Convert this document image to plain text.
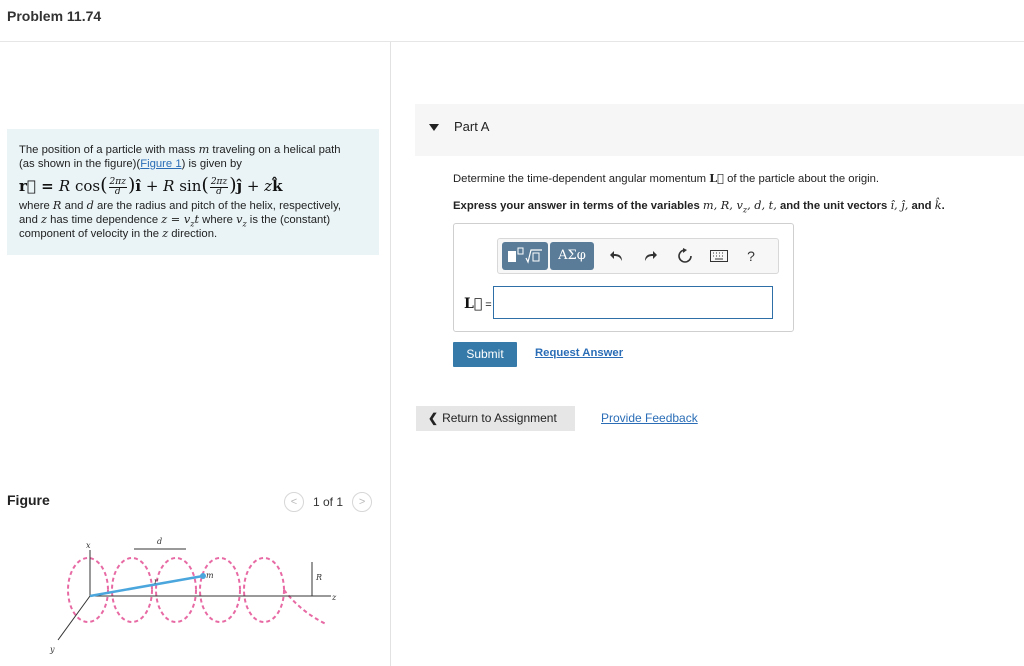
Problem 11.74
The position of a particle with mass m traveling on a helical path
(as shown in the figure)(Figure 1) is given by
r⃗ = R $\cos( \frac{2\pi z}{d}$ )î + R $\sin( \frac{2\pi z}{d}$ )ĵ + zk̂
where R and d are the radius and pitch of the helix, respectively,
and z has time dependence $z = v_zt$ where $v_z$ is the (constant)
component of velocity in the z direction.
Figure	<	1 of 1	>
d
x
y
z
R
m
r
Part A
Determine the time-dependent angular momentum L⃗ of the particle about the origin.
Express your answer in terms of the variables m, R, $v_z$, d, t, and the unit vectors î, ĵ, and k̂.
ΑΣφ	?
L⃗ =
Submit	Request Answer
❮ Return to Assignment	Provide Feedback
